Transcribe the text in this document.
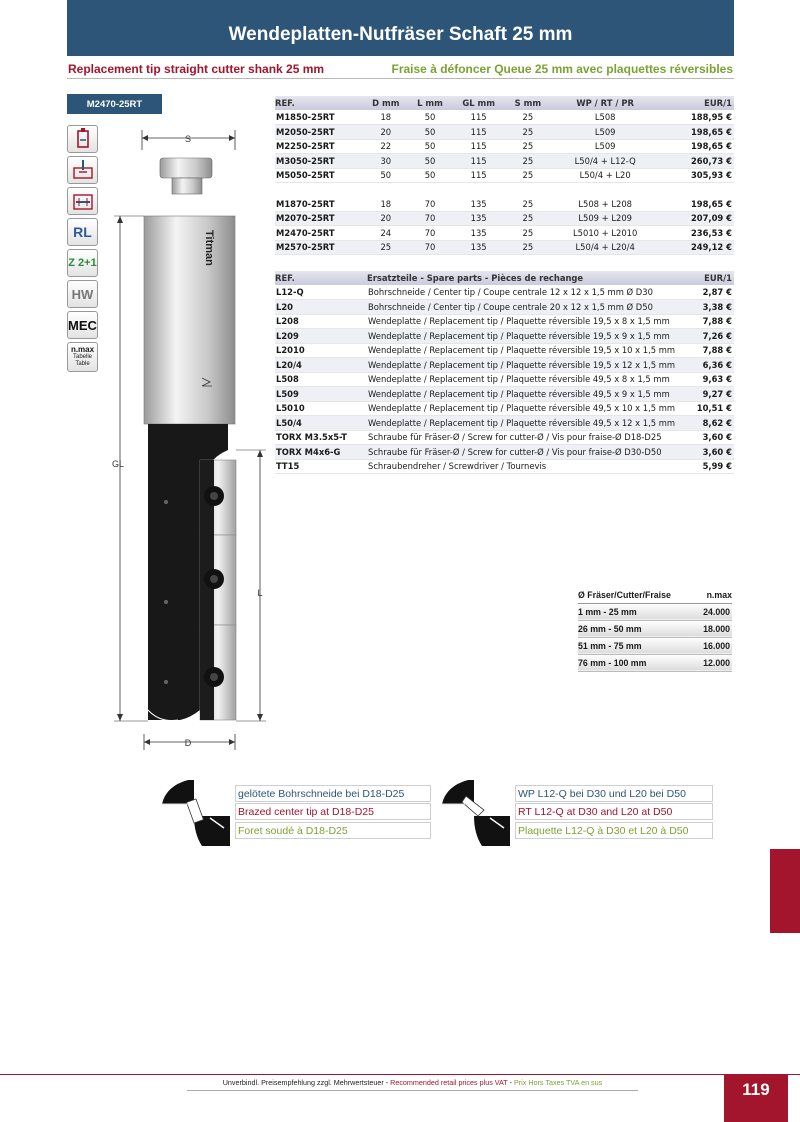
Wendeplatten-Nutfräser Schaft 25 mm
Replacement tip straight cutter shank 25 mm	Fraise à défoncer Queue 25 mm avec plaquettes réversibles
M2470-25RT
RL
Z 2+1
HW
MEC
n.max
Tabelle
Table
S
Titman
GL
L
D
REF.	D mm	L mm	GL mm	S mm	WP / RT / PR	EUR/1
M1850-25RT	18	50	115	25	L508	188,95 €
M2050-25RT	20	50	115	25	L509	198,65 €
M2250-25RT	22	50	115	25	L509	198,65 €
M3050-25RT	30	50	115	25	L50/4 + L12-Q	260,73 €
M5050-25RT	50	50	115	25	L50/4 + L20	305,93 €

M1870-25RT	18	70	135	25	L508 + L208	198,65 €
M2070-25RT	20	70	135	25	L509 + L209	207,09 €
M2470-25RT	24	70	135	25	L5010 + L2010	236,53 €
M2570-25RT	25	70	135	25	L50/4 + L20/4	249,12 €
REF.	Ersatzteile - Spare parts - Pièces de rechange	EUR/1
L12-Q	Bohrschneide / Center tip / Coupe centrale 12 x 12 x 1,5 mm Ø D30	2,87 €
L20	Bohrschneide / Center tip / Coupe centrale 20 x 12 x 1,5 mm Ø D50	3,38 €
L208	Wendeplatte / Replacement tip / Plaquette réversible 19,5 x 8 x 1,5 mm	7,88 €
L209	Wendeplatte / Replacement tip / Plaquette réversible 19,5 x 9 x 1,5 mm	7,26 €
L2010	Wendeplatte / Replacement tip / Plaquette réversible 19,5 x 10 x 1,5 mm	7,88 €
L20/4	Wendeplatte / Replacement tip / Plaquette réversible 19,5 x 12 x 1,5 mm	6,36 €
L508	Wendeplatte / Replacement tip / Plaquette réversible 49,5 x 8 x 1,5 mm	9,63 €
L509	Wendeplatte / Replacement tip / Plaquette réversible 49,5 x 9 x 1,5 mm	9,27 €
L5010	Wendeplatte / Replacement tip / Plaquette réversible 49,5 x 10 x 1,5 mm	10,51 €
L50/4	Wendeplatte / Replacement tip / Plaquette réversible 49,5 x 12 x 1,5 mm	8,62 €
TORX M3.5x5-T	Schraube für Fräser-Ø / Screw for cutter-Ø / Vis pour fraise-Ø D18-D25	3,60 €
TORX M4x6-G	Schraube für Fräser-Ø / Screw for cutter-Ø / Vis pour fraise-Ø D30-D50	3,60 €
TT15	Schraubendreher / Screwdriver / Tournevis	5,99 €
Ø Fräser/Cutter/Fraise	n.max
1 mm - 25 mm	24.000
26 mm - 50 mm	18.000
51 mm - 75 mm	16.000
76 mm - 100 mm	12.000
gelötete Bohrschneide bei D18-D25
Brazed center tip at D18-D25
Foret soudé à D18-D25
WP L12-Q bei D30 und L20 bei D50
RT L12-Q at D30 and L20 at D50
Plaquette L12-Q à D30 et L20 à D50
Unverbindl. Preisempfehlung zzgl. Mehrwertsteuer - Recommended retail prices plus VAT - Prix Hors Taxes TVA en sus	119
